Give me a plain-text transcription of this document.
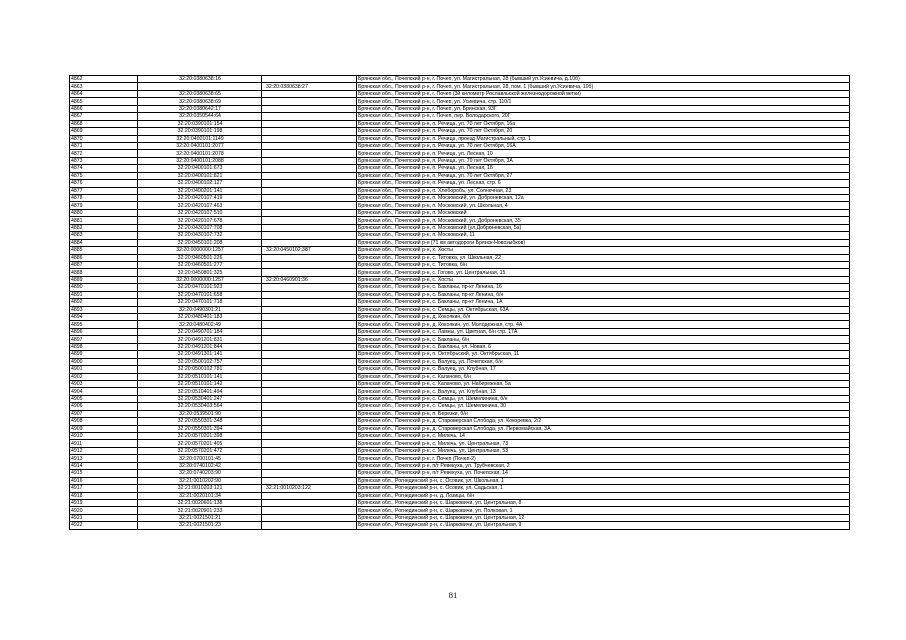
4862	32:20:0380638:16		Брянская обл., Почепский р-н, г. Почеп, ул. Магистральная, 28 (бывший ул.Усиевича, д.10б)
4863		32:20:0380638:27	Брянская обл., Почепский р-н, г. Почеп, ул. Магистральная, 28, пом. 1 (бывший ул.Усиевича, 10б)
4864	32:20:0380638:65		Брянская обл., Почепский р-н, г. Почеп (3й километр Рославльской железнодорожной ветки)
4865	32:20:0380638:69		Брянская обл., Почепский р-н, г. Почеп, ул. Усиевича, стр. 110/1
4866	32:20:0380642:17		Брянская обл., Почепский р-н, г. Почеп, ул. Брянская, 93Г
4867	32:20:0350544:64		Брянская обл., Почепский р-н, г. Почеп, пер. Володарского, 20Г
4868	32:20:0390101:154		Брянская обл., Почепский р-н, п. Речица, ул. 70 лет Октября, 16а
4869	32:20:0390101:198		Брянская обл., Почепский р-н, п. Речица, ул. 70 лет Октября, 20
4870	32:20:0400101:1149		Брянская обл., Почепский р-н, п. Речица, проезд Магистральный, стр. 1
4871	32:20:0400101:2077		Брянская обл., Почепский р-н, п. Речица, ул. 70 лет Октября, 16А
4872	32:20:0400101:2078		Брянская обл., Почепский р-н, п. Речица, ул. Лесная, 10
4873	32:20:0400101:2088		Брянская обл., Почепский р-н, п. Речица, ул. 70 лет Октября, 3А
4874	32:20:0400101:673		Брянская обл., Почепский р-н, п. Речица, ул. Лесная, 16
4875	32:20:0400101:821		Брянская обл., Почепский р-н, п. Речица, ул. 70 лет Октября, 27
4876	32:20:0400102:127		Брянская обл., Почепский р-н, п. Речица, ул. Лесная, стр. 6
4877	32:20:0400201:141		Брянская обл., Почепский р-н, п. Хлеборобъ, ул. Солнечная, 23
4878	32:20:0420107:419		Брянская обл., Почепский р-н, п. Московский, ул. Доброневская, 12а
4879	32:20:0420107:463		Брянская обл., Почепский р-н, п. Московский, ул. Школьная, 4
4880	32:20:0420107:510		Брянская обл., Почепский р-н, п. Московский
4881	32:20:0420107:678		Брянская обл., Почепский р-н, п. Московский, ул. Доброневская, 35
4882	32:20:0430107:708		Брянская обл., Почепский р-н, п. Московский (ул.Доброневская, 5а)
4883	32:20:0430107:732		Брянская обл., Почепский р-н, п. Московский, 11
4884	32:20:0450101:208		Брянская обл., Почепский р-н (71 км автодороги Брянск-Новозыбков)
4885	32:20:0000000:1257	32:20:0450102:387	Брянская обл., Почепский р-н, х. Хосты
4886	32:20:0460501:226		Брянская обл., Почепский р-н, с. Титовка, ул. Школьная, 22
4887	32:20:0460501:277		Брянская обл., Почепский р-н, с. Титовка, б/н
4888	32:20:0450801:325		Брянская обл., Почепский р-н, с. Гогово, ул. Центральная, 15
4889	32:20:0000000:1257	32:20:0460901:36	Брянская обл., Почепский р-н, с. Хосты
4890	32:20:0470101:923		Брянская обл., Почепский р-н, с. Бакланы, пр-кт Ленина, 16
4891	32:20:0470101:658		Брянская обл., Почепский р-н, с. Бакланы, пр-кт Ленина, б/н
4892	32:20:0470101:718		Брянская обл., Почепский р-н, с. Бакланы, пр-кт Ленина, 1А
4893	32:20:0490301:21		Брянская обл., Почепский р-н, с. Семцы, ул. Октябрьская, 63А
4894	32:20:0480401:183		Брянская обл., Почепский р-н, д. Кокоякин, б/н
4895	32:20:0480402:49		Брянская обл., Почепский р-н, д. Кокоякин, ул. Молодежная, стр. 4А
4896	32:20:0490701:184		Брянская обл., Почепский р-н, с. Ламны, ул. Цветная, б/н стр. 17А
4897	32:20:0491201:831		Брянская обл., Почепский р-н, с. Бакланы, б/н
4898	32:20:0491201:844		Брянская обл., Почепский р-н, с. Бакланы, ул. Новая, 6
4899	32:20:0491301:141		Брянская обл., Почепский р-н, п. Октябрьский, ул. Октябрьская, 11
4900	32:20:0500102:757		Брянская обл., Почепский р-н, с. Валуец, ул. Почепская, б/н
4901	32:20:0500102:781		Брянская обл., Почепский р-н, с. Валуец, ул. Клубная, 17
4902	32:20:0510101:141		Брянская обл., Почепский р-н, с. Калачово, б/н
4903	32:20:0510101:142		Брянская обл., Почепский р-н, с. Калачово, ул. Набережная, 5а
4904	32:20:0510401:494		Брянская обл., Почепский р-н, с. Валуец, ул. Клубная, 13
4905	32:20:0530401:247		Брянская обл., Почепский р-н, с. Семцы, ул. Шемелинина, б/н
4906	32:20:0530403:564		Брянская обл., Почепский р-н, с. Семцы, ул. Шемелинина, 30
4907	32:20:0539501:90		Брянская обл., Почепский р-н, п. Березки, б/н
4908	32:20:0550301:348		Брянская обл., Почепский р-н, д. Староверская Слобода, ул. Кокоревка, 2/2
4909	32:20:0550301:394		Брянская обл., Почепский р-н, д. Староверская Слобода, ул. Первомайская, 3А
4910	32:20:0570201:398		Брянская обл., Почепский р-н, с. Милечь, 14
4911	32:20:0570201:405		Брянская обл., Почепский р-н, с. Милечь, ул. Центральная, 73
4912	32:20:0570201:472		Брянская обл., Почепский р-н, с. Милечь, ул. Центральная, 53
4913	32:20:0700101:45		Брянская обл., Почепский р-н, г. Почеп (Почеп-2)
4914	32:20:0740102:42		Брянская обл., Почепский р-н, п/т Ревекуха, ул. Трубчевская, 2
4915	32:20:0740203:90		Брянская обл., Почепский р-н, п/т Ревекуха, ул. Почепская, 14
4916	32:21:0010202:90		Брянская обл., Рогнединский р-н, с. Осовик, ул. Школьная, 1
4917	32:21:0010203:121	32:21:0010203:122	Брянская обл., Рогнединский р-н, с. Осовик, ул. Садьская, 1
4918	32:21:0020101:34		Брянская обл., Рогнединский р-н, д. Лозицы, б/н
4919	32:21:0020601:138		Брянская обл., Рогнединский р-н, с. Шарковичи, ул. Центральная, 8
4920	32:21:0020901:233		Брянская обл., Рогнединский р-н, с. Шарковичи, ул. Полковая, 1
4921	32:21:0021501:21		Брянская обл., Рогнединский р-н, с. Шарковичи, ул. Центральная, 12
4922	32:21:0021501:23		Брянская обл., Рогнединский р-н, с. Шарковичи, ул. Центральная, 9
81
